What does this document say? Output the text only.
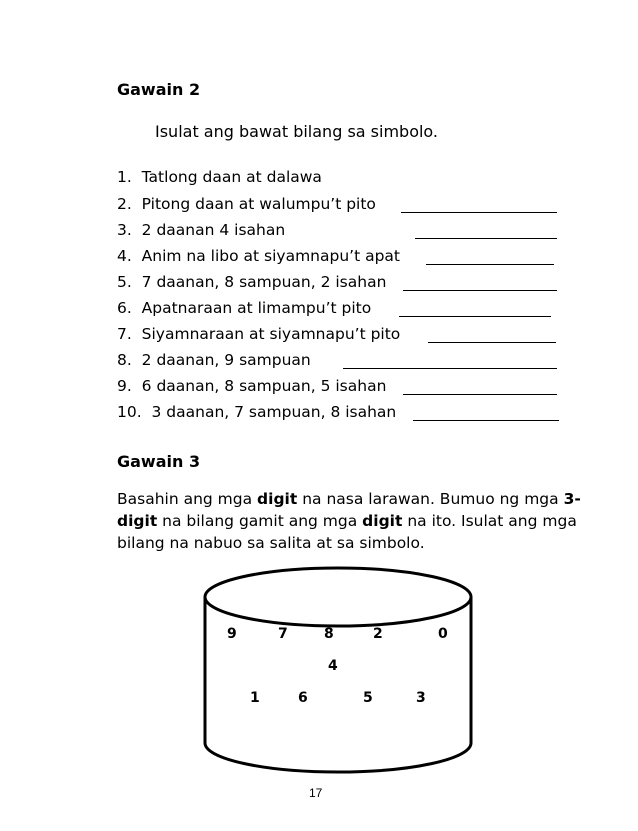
Gawain 2
Isulat ang bawat bilang sa simbolo.
1. Tatlong daan at dalawa
2. Pitong daan at walumpu’t pito
3. 2 daanan 4 isahan
4. Anim na libo at siyamnapu’t apat
5. 7 daanan, 8 sampuan, 2 isahan
6. Apatnaraan at limampu’t pito
7. Siyamnaraan at siyamnapu’t pito
8. 2 daanan, 9 sampuan
9. 6 daanan, 8 sampuan, 5 isahan
10. 3 daanan, 7 sampuan, 8 isahan
Gawain 3
Basahin ang mga digit na nasa larawan. Bumuo ng mga 3-digit na bilang gamit ang mga digit na ito. Isulat ang mga bilang na nabuo sa salita at sa simbolo.
9	7	8	2	0
4
1	6	5	3
17
